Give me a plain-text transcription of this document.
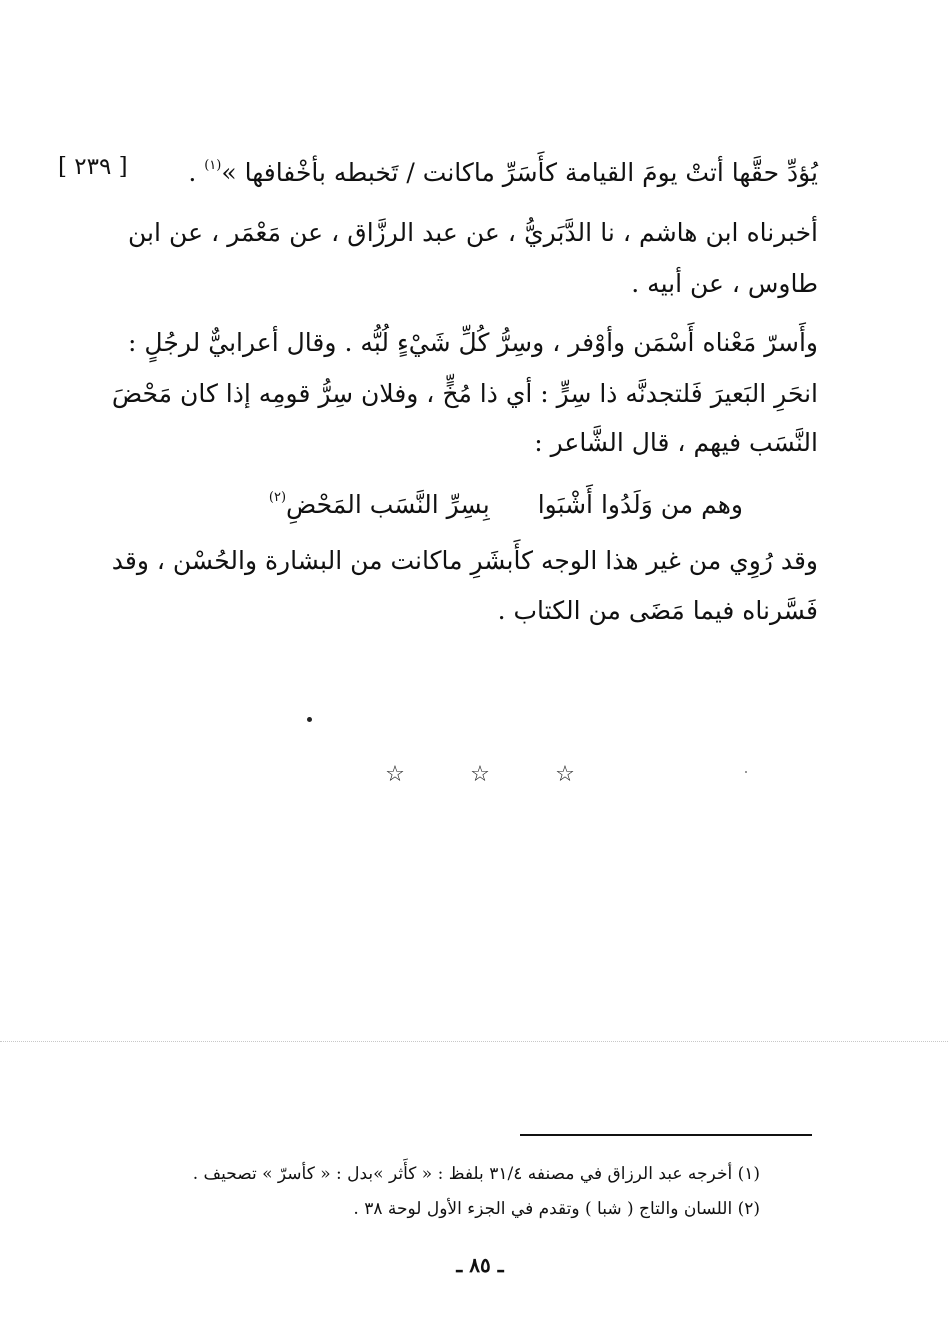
[ ٢٣٩ ]	يُؤدِّ حقَّها أتتْ يومَ القيامة كأَسَرِّ ماكانت / تَخبطه بأخْفافها »$^{(١)}$ .
أخبرناه ابن هاشم ، نا الدَّبَريُّ ، عن عبد الرزَّاق ، عن مَعْمَر ، عن ابن
طاوس ، عن أبيه .
وأَسرّ مَعْناه أَسْمَن وأوْفر ، وسِرُّ كُلِّ شَيْءٍ لُبُّه . وقال أعرابيٌّ لرجُلٍ :
انحَرِ البَعيرَ فَلتجدنَّه ذا سِرٍّ : أي ذا مُخٍّ ، وفلان سِرُّ قومِه إذا كان مَحْضَ
النَّسَب فيهم ، قال الشَّاعر :
وهم من وَلَدُوا أَشْبَوابِسِرِّ النَّسَب المَحْضِ$^{(٢)}$
وقد رُوِي من غير هذا الوجه كأَبشَرِ ماكانت من البشارة والحُسْن ، وقد
فَسَّرناه فيما مَضَى من الكتاب .
☆	☆	☆
(١) أخرجه عبد الرزاق في مصنفه ٣١/٤ بلفظ : « كأَثر »بدل : « كأسرّ » تصحيف .
(٢) اللسان والتاج ( شبا ) وتقدم في الجزء الأول لوحة ٣٨ .
ـ ٨٥ ـ
